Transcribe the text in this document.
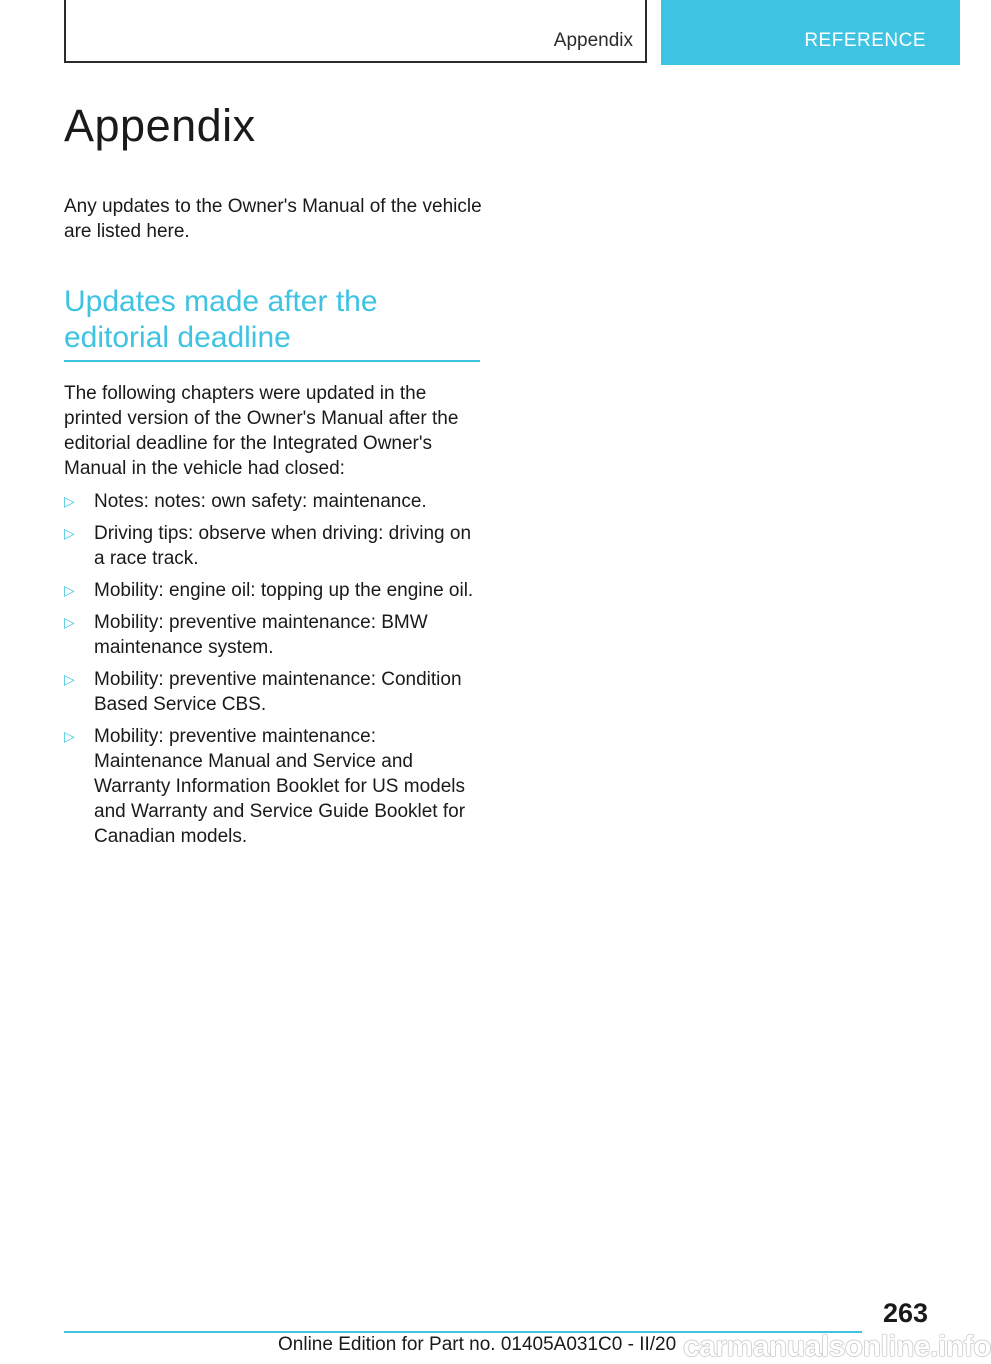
Appendix	REFERENCE
Appendix

Any updates to the Owner's Manual of the vehicle are listed here.

Updates made after the editorial deadline

The following chapters were updated in the printed version of the Owner's Manual after the editorial deadline for the Integrated Owner's Manual in the vehicle had closed:

▷ Notes: notes: own safety: maintenance.
▷ Driving tips: observe when driving: driving on a race track.
▷ Mobility: engine oil: topping up the engine oil.
▷ Mobility: preventive maintenance: BMW maintenance system.
▷ Mobility: preventive maintenance: Condition Based Service CBS.
▷ Mobility: preventive maintenance: Maintenance Manual and Service and Warranty Information Booklet for US models and Warranty and Service Guide Booklet for Canadian models.
263
Online Edition for Part no. 01405A031C0 - II/20 carmanualsonline.info
